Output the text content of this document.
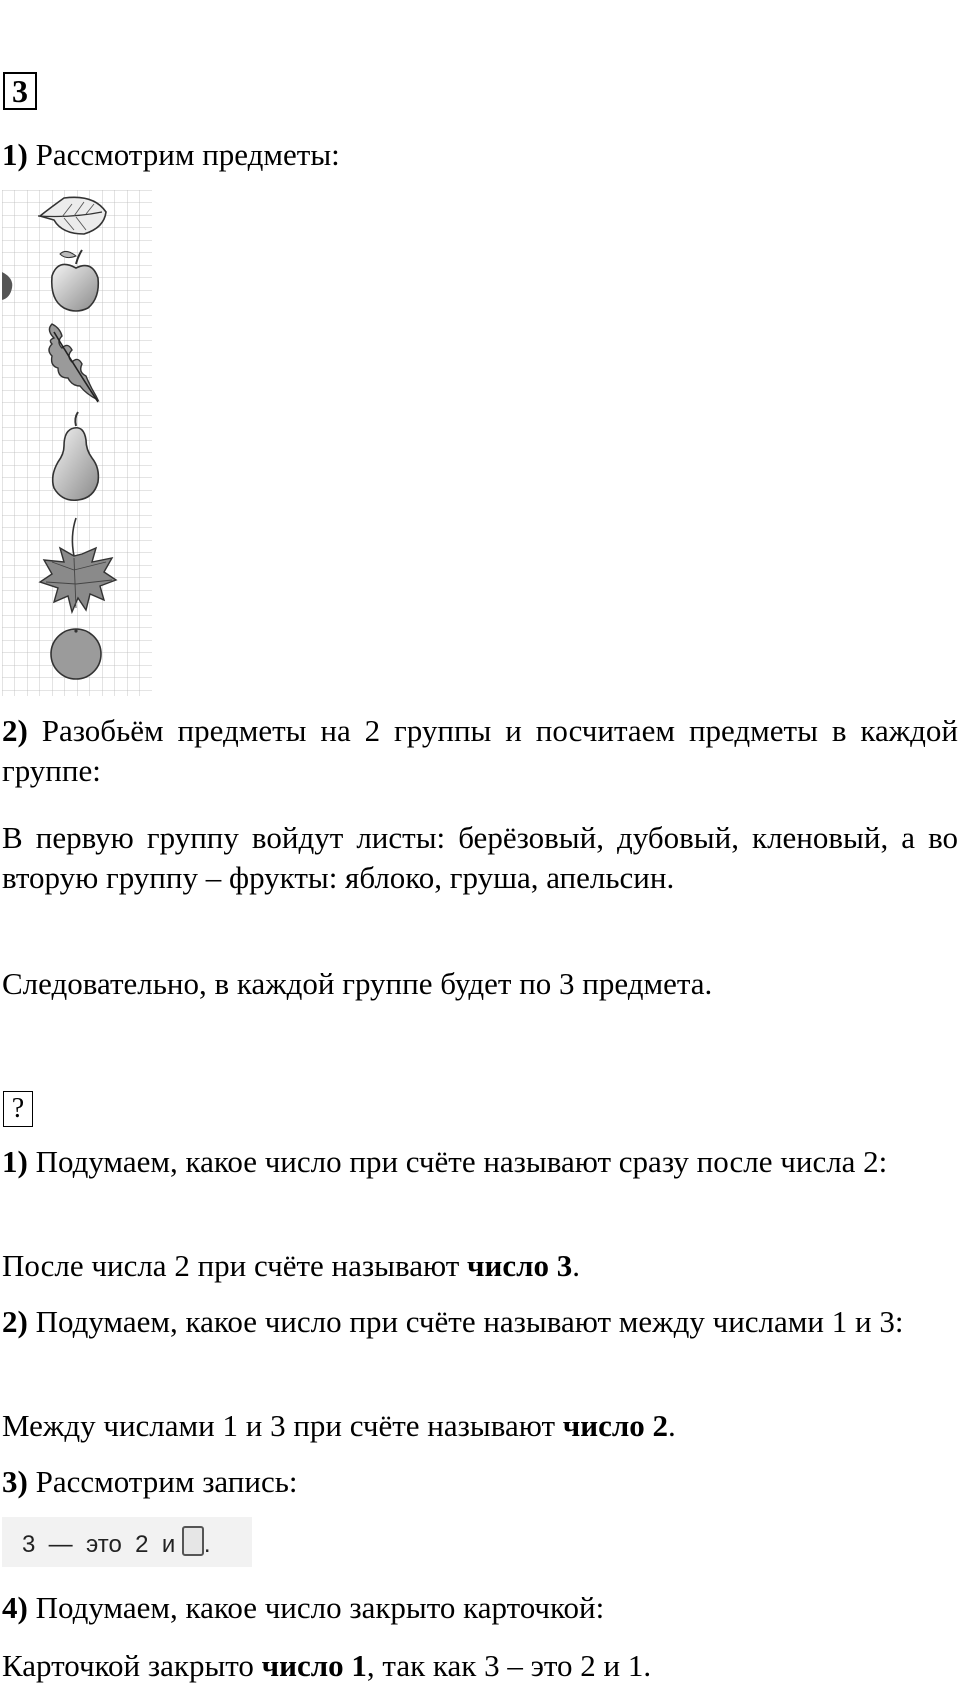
3

1) Рассмотрим предметы:

2) Разобьём предметы на 2 группы и посчитаем предметы в каждой группе:

В первую группу войдут листы: берёзовый, дубовый, кленовый, а во вторую группу – фрукты: яблоко, груша, апельсин.

Следовательно, в каждой группе будет по 3 предмета.

?

1) Подумаем, какое число при счёте называют сразу после числа 2:

После числа 2 при счёте называют число 3.

2) Подумаем, какое число при счёте называют между числами 1 и 3:

Между числами 1 и 3 при счёте называют число 2.

3) Рассмотрим запись:

3  —  это  2  и .

4) Подумаем, какое число закрыто карточкой:

Карточкой закрыто число 1, так как 3 – это 2 и 1.
